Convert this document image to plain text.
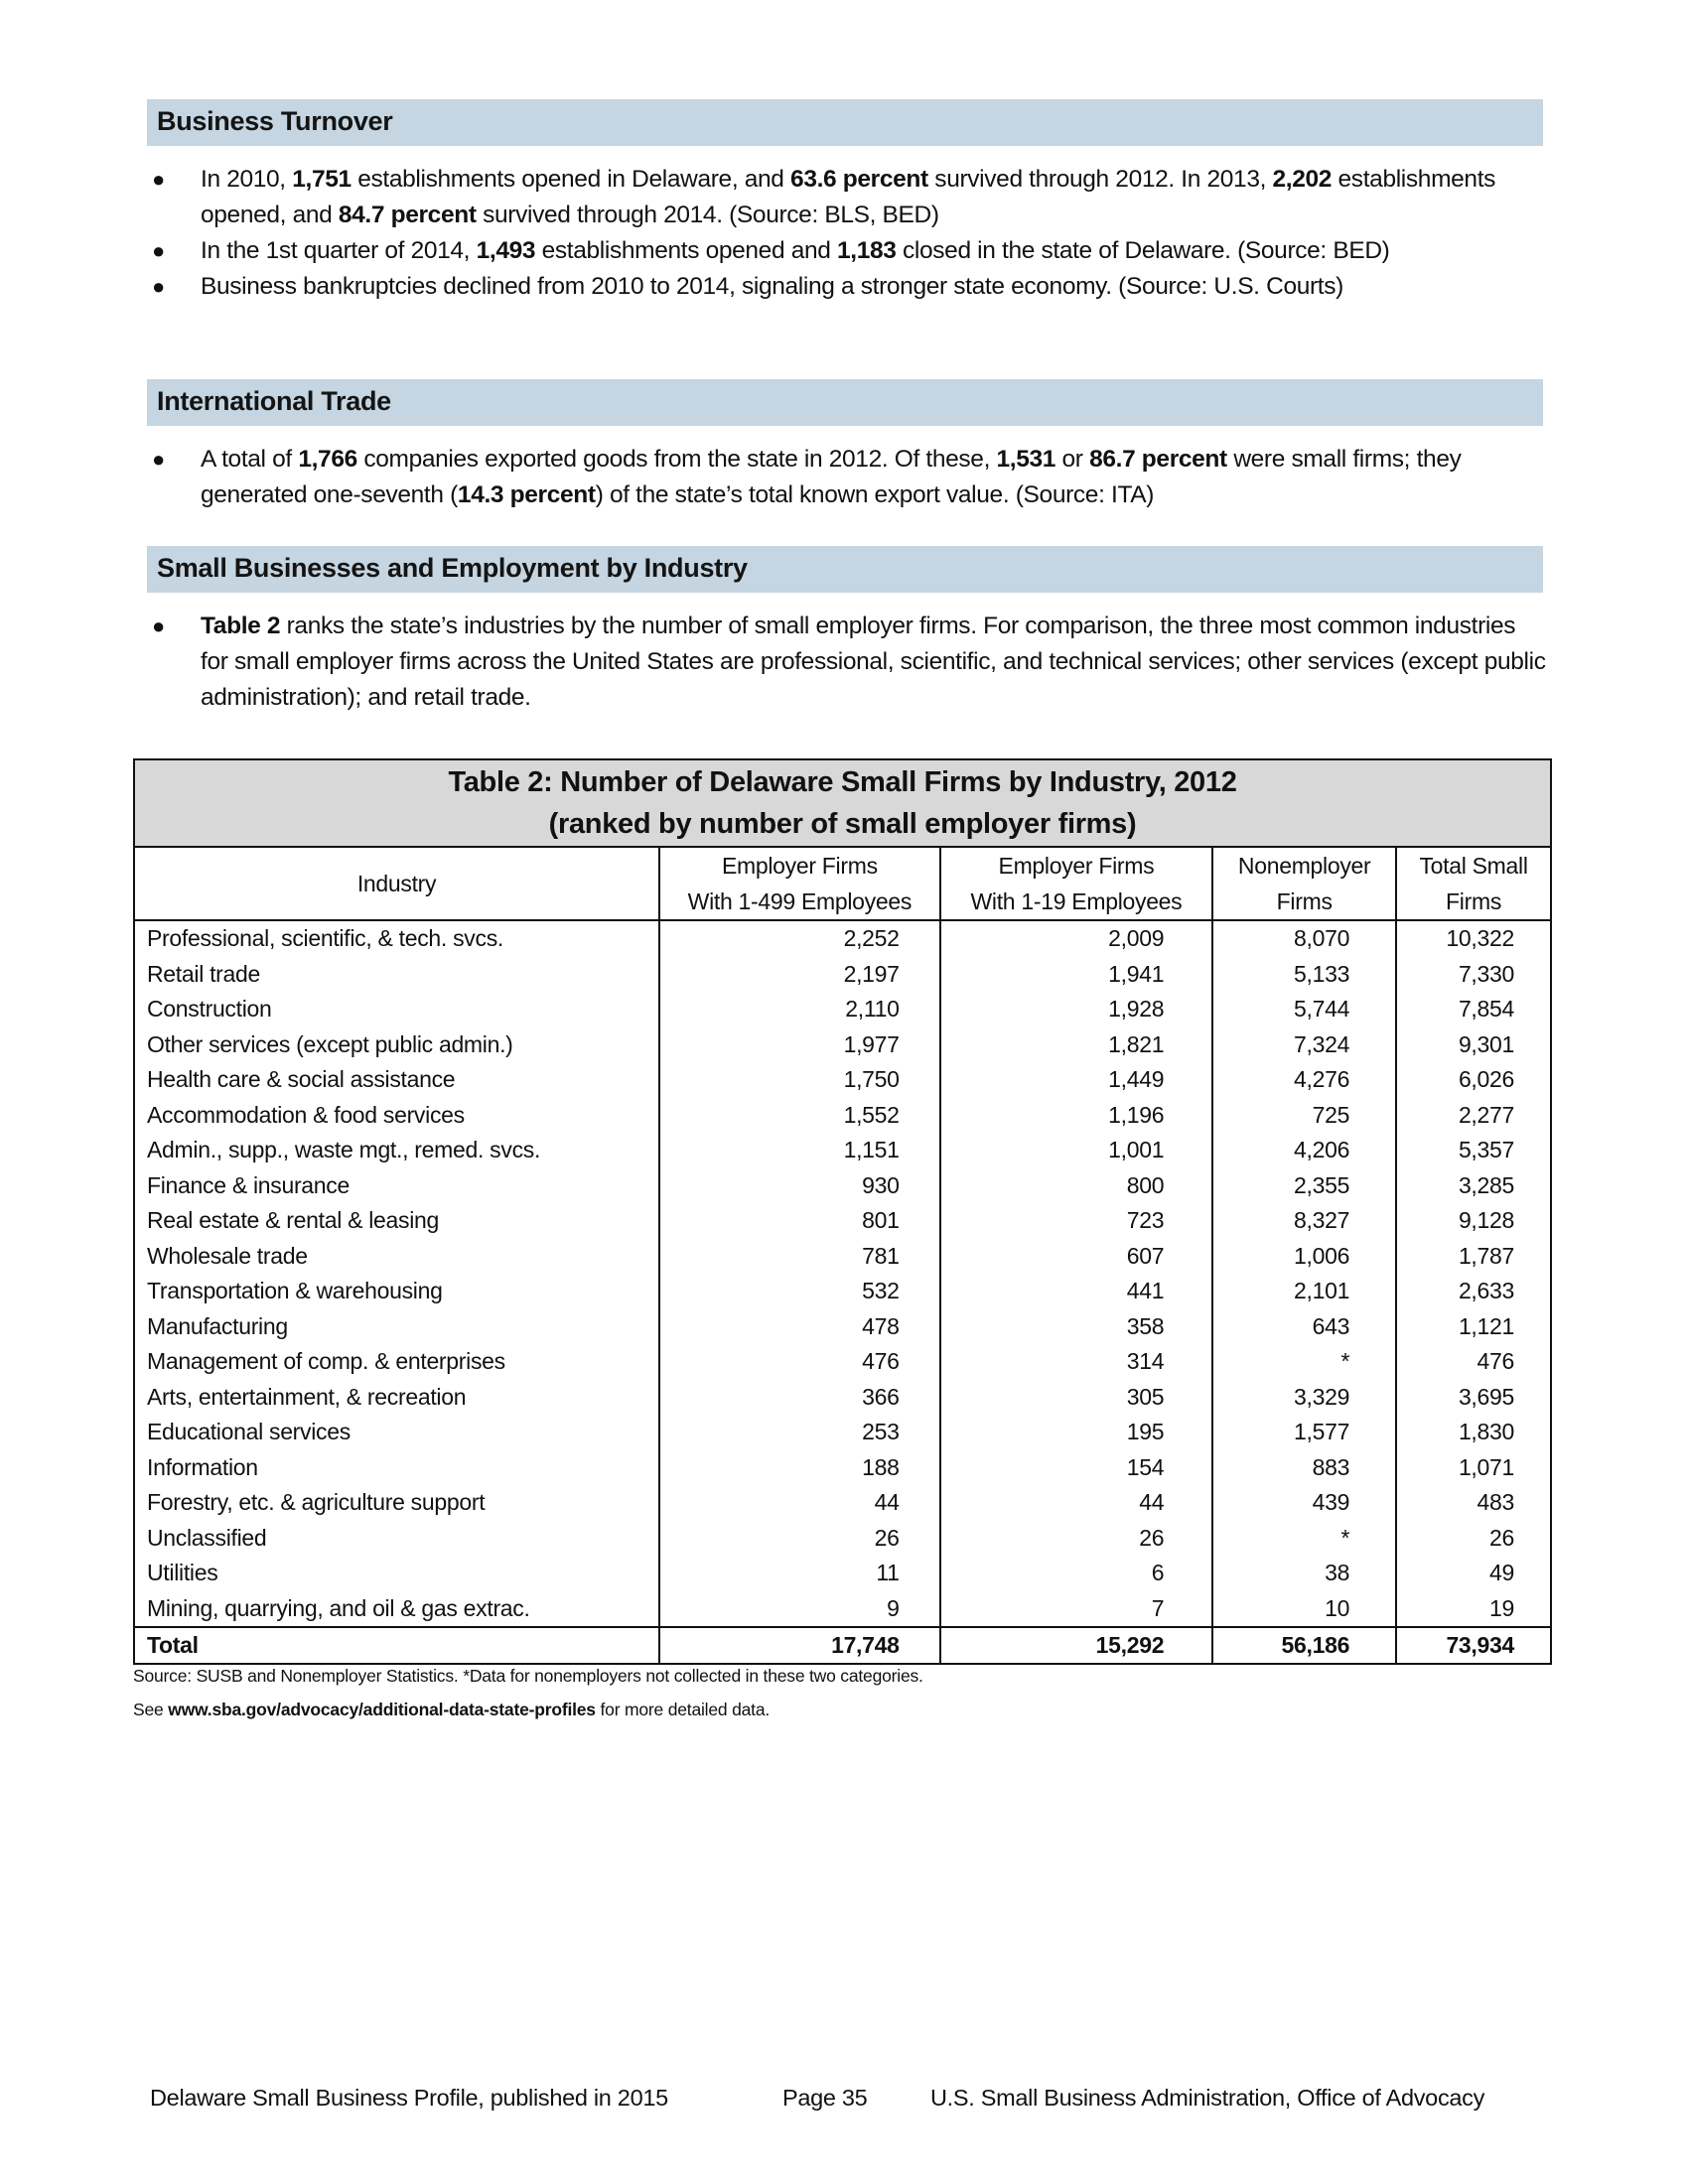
Business Turnover
● In 2010, 1,751 establishments opened in Delaware, and 63.6 percent survived through 2012. In 2013, 2,202 establishments opened, and 84.7 percent survived through 2014. (Source: BLS, BED)
● In the 1st quarter of 2014, 1,493 establishments opened and 1,183 closed in the state of Delaware. (Source: BED)
● Business bankruptcies declined from 2010 to 2014, signaling a stronger state economy. (Source: U.S. Courts)
International Trade
● A total of 1,766 companies exported goods from the state in 2012. Of these, 1,531 or 86.7 percent were small firms; they generated one-seventh (14.3 percent) of the state’s total known export value. (Source: ITA)
Small Businesses and Employment by Industry
● Table 2 ranks the state’s industries by the number of small employer firms. For comparison, the three most common industries for small employer firms across the United States are professional, scientific, and technical services; other services (except public administration); and retail trade.
Table 2: Number of Delaware Small Firms by Industry, 2012
(ranked by number of small employer firms)				

Industry	
Employer Firms
With 1-499 Employees

Employer Firms
With 1-19 Employees

Nonemployer
Firms

Total Small
Firms

Professional, scientific, & tech. svcs.	2,252	2,009	8,070	10,322
Retail trade	2,197	1,941	5,133	7,330
Construction	2,110	1,928	5,744	7,854
Other services (except public admin.)	1,977	1,821	7,324	9,301
Health care & social assistance	1,750	1,449	4,276	6,026
Accommodation & food services	1,552	1,196	725	2,277
Admin., supp., waste mgt., remed. svcs.	1,151	1,001	4,206	5,357
Finance & insurance	930	800	2,355	3,285
Real estate & rental & leasing	801	723	8,327	9,128
Wholesale trade	781	607	1,006	1,787
Transportation & warehousing	532	441	2,101	2,633
Manufacturing	478	358	643	1,121
Management of comp. & enterprises	476	314	*	476
Arts, entertainment, & recreation	366	305	3,329	3,695
Educational services	253	195	1,577	1,830
Information	188	154	883	1,071
Forestry, etc. & agriculture support	44	44	439	483
Unclassified	26	26	*	26
Utilities	11	6	38	49
Mining, quarrying, and oil & gas extrac.	9	7	10	19
Total	17,748	15,292	56,186	73,934
Source: SUSB and Nonemployer Statistics. *Data for nonemployers not collected in these two categories.
See www.sba.gov/advocacy/additional-data-state-profiles for more detailed data.
Delaware Small Business Profile, published in 2015	Page 35	U.S. Small Business Administration, Office of Advocacy
